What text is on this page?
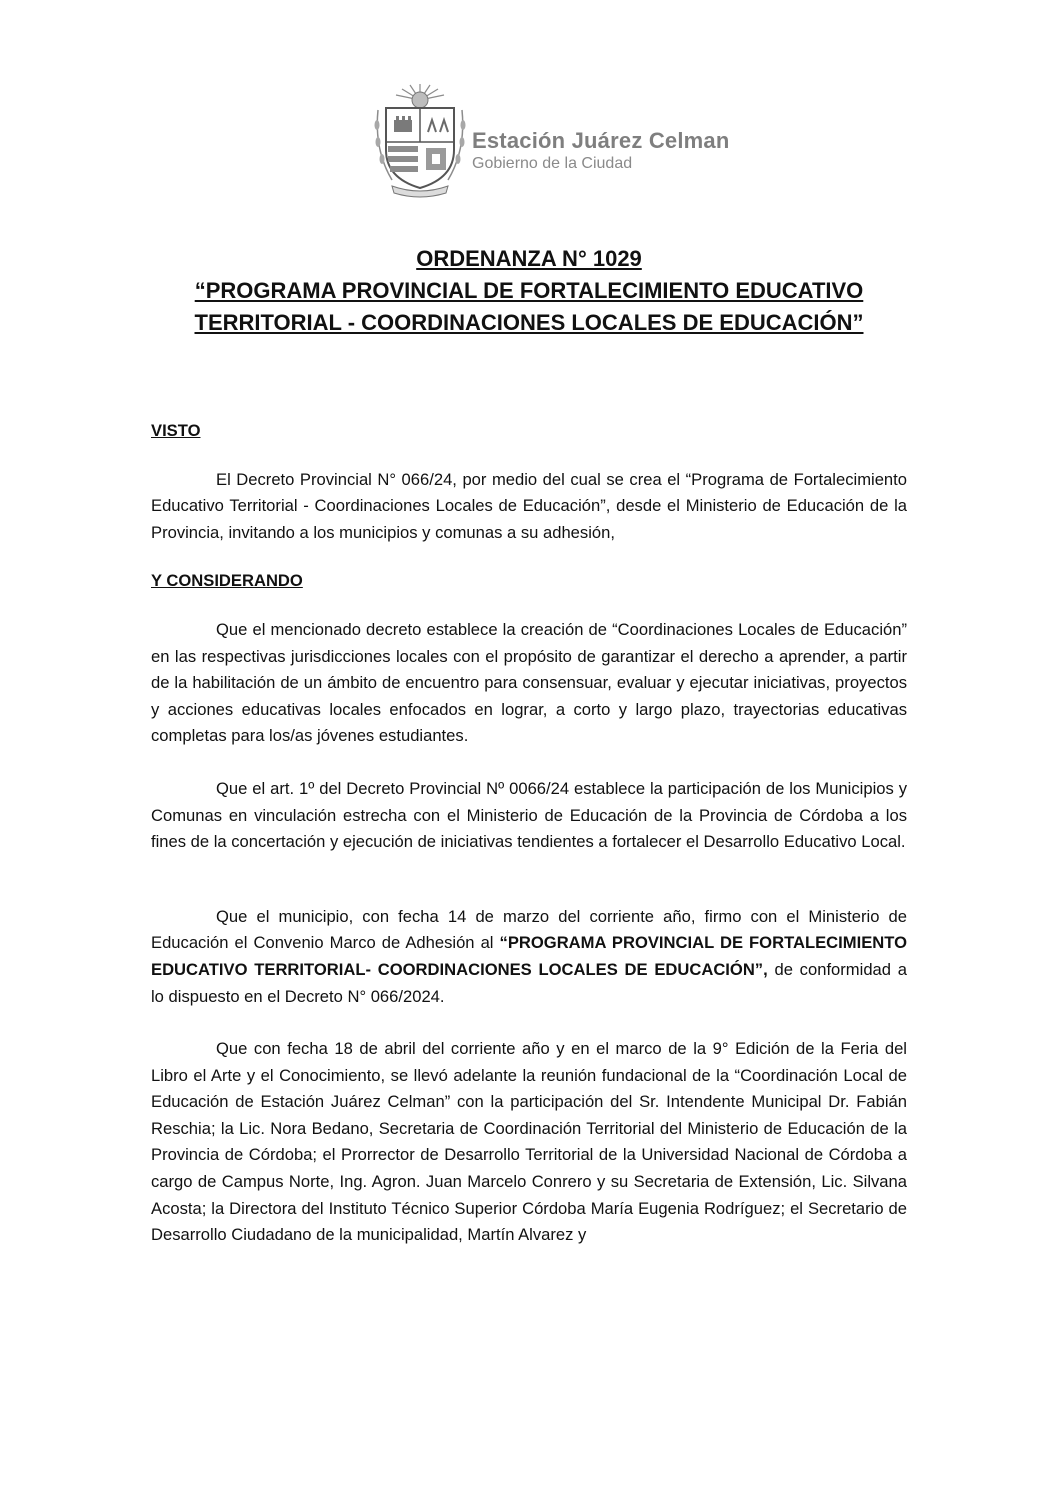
Estación Juárez Celman
Gobierno de la Ciudad
ORDENANZA N° 1029
“PROGRAMA PROVINCIAL DE FORTALECIMIENTO EDUCATIVO
TERRITORIAL - COORDINACIONES LOCALES DE EDUCACIÓN”
VISTO

El Decreto Provincial N° 066/24, por medio del cual se crea el “Programa de Fortalecimiento Educativo Territorial - Coordinaciones Locales de Educación”, desde el Ministerio de Educación de la Provincia, invitando a los municipios y comunas a su adhesión,

Y CONSIDERANDO

Que el mencionado decreto establece la creación de “Coordinaciones Locales de Educación” en las respectivas jurisdicciones locales con el propósito de garantizar el derecho a aprender, a partir de la habilitación de un ámbito de encuentro para consensuar, evaluar y ejecutar iniciativas, proyectos y acciones educativas locales enfocados en lograr, a corto y largo plazo, trayectorias educativas completas para los/as jóvenes estudiantes.

Que el art. 1º del Decreto Provincial Nº 0066/24 establece la participación de los Municipios y Comunas en vinculación estrecha con el Ministerio de Educación de la Provincia de Córdoba a los fines de la concertación y ejecución de iniciativas tendientes a fortalecer el Desarrollo Educativo Local.

Que el municipio, con fecha 14 de marzo del corriente año, firmo con el Ministerio de Educación el Convenio Marco de Adhesión al “PROGRAMA PROVINCIAL DE FORTALECIMIENTO EDUCATIVO TERRITORIAL- COORDINACIONES LOCALES DE EDUCACIÓN”, de conformidad a lo dispuesto en el Decreto N° 066/2024.

Que con fecha 18 de abril del corriente año y en el marco de la 9° Edición de la Feria del Libro el Arte y el Conocimiento, se llevó adelante la reunión fundacional de la “Coordinación Local de Educación de Estación Juárez Celman” con la participación del Sr. Intendente Municipal Dr. Fabián Reschia; la Lic. Nora Bedano, Secretaria de Coordinación Territorial del Ministerio de Educación de la Provincia de Córdoba; el Prorrector de Desarrollo Territorial de la Universidad Nacional de Córdoba a cargo de Campus Norte, Ing. Agron. Juan Marcelo Conrero y su Secretaria de Extensión, Lic. Silvana Acosta; la Directora del Instituto Técnico Superior Córdoba María Eugenia Rodríguez; el Secretario de Desarrollo Ciudadano de la municipalidad, Martín Alvarez y
